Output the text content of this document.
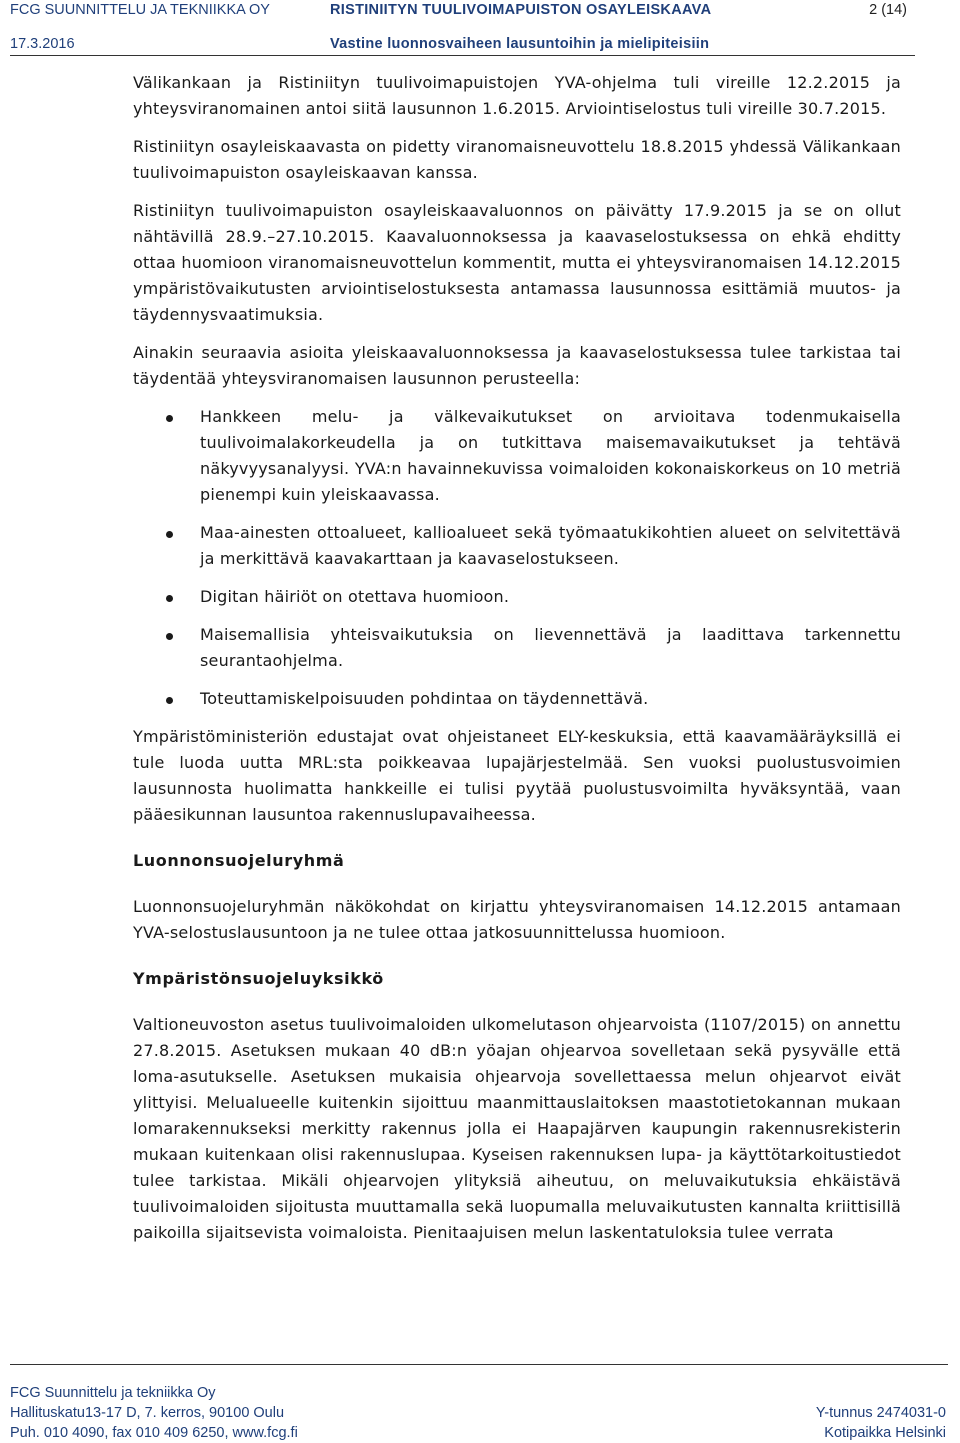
FCG SUUNNITTELU JA TEKNIIKKA OY	RISTINIITYN TUULIVOIMAPUISTON OSAYLEISKAAVA	2 (14)
17.3.2016	Vastine luonnosvaiheen lausuntoihin ja mielipiteisiin

Välikankaan ja Ristiniityn tuulivoimapuistojen YVA-ohjelma tuli vireille 12.2.2015 ja yhteysviranomainen antoi siitä lausunnon 1.6.2015. Arviointiselostus tuli vireille 30.7.2015.

Ristiniityn osayleiskaavasta on pidetty viranomaisneuvottelu 18.8.2015 yhdessä Välikankaan tuulivoimapuiston osayleiskaavan kanssa.

Ristiniityn tuulivoimapuiston osayleiskaavaluonnos on päivätty 17.9.2015 ja se on ollut nähtävillä 28.9.–27.10.2015. Kaavaluonnoksessa ja kaavaselostuksessa on ehkä ehditty ottaa huomioon viranomaisneuvottelun kommentit, mutta ei yhteysviranomaisen 14.12.2015 ympäristövaikutusten arviointiselostuksesta antamassa lausunnossa esittämiä muutos- ja täydennysvaatimuksia.

Ainakin seuraavia asioita yleiskaavaluonnoksessa ja kaavaselostuksessa tulee tarkistaa tai täydentää yhteysviranomaisen lausunnon perusteella:

Hankkeen melu- ja välkevaikutukset on arvioitava todenmukaisella tuulivoimalakorkeudella ja on tutkittava maisemavaikutukset ja tehtävä näkyvyysanalyysi. YVA:n havainnekuvissa voimaloiden kokonaiskorkeus on 10 metriä pienempi kuin yleiskaavassa.
Maa-ainesten ottoalueet, kallioalueet sekä työmaatukikohtien alueet on selvitettävä ja merkittävä kaavakarttaan ja kaavaselostukseen.
Digitan häiriöt on otettava huomioon.
Maisemallisia yhteisvaikutuksia on lievennettävä ja laadittava tarkennettu seurantaohjelma.
Toteuttamiskelpoisuuden pohdintaa on täydennettävä.

Ympäristöministeriön edustajat ovat ohjeistaneet ELY-keskuksia, että kaavamääräyksillä ei tule luoda uutta MRL:sta poikkeavaa lupajärjestelmää. Sen vuoksi puolustusvoimien lausunnosta huolimatta hankkeille ei tulisi pyytää puolustusvoimilta hyväksyntää, vaan pääesikunnan lausuntoa rakennuslupavaiheessa.

Luonnonsuojeluryhmä

Luonnonsuojeluryhmän näkökohdat on kirjattu yhteysviranomaisen 14.12.2015 antamaan YVA-selostuslausuntoon ja ne tulee ottaa jatkosuunnittelussa huomioon.

Ympäristönsuojeluyksikkö

Valtioneuvoston asetus tuulivoimaloiden ulkomelutason ohjearvoista (1107/2015) on annettu 27.8.2015. Asetuksen mukaan 40 dB:n yöajan ohjearvoa sovelletaan sekä pysyvälle että loma-asutukselle. Asetuksen mukaisia ohjearvoja sovellettaessa melun ohjearvot eivät ylittyisi. Melualueelle kuitenkin sijoittuu maanmittauslaitoksen maastotietokannan mukaan lomarakennukseksi merkitty rakennus jolla ei Haapajärven kaupungin rakennusrekisterin mukaan kuitenkaan olisi rakennuslupaa. Kyseisen rakennuksen lupa- ja käyttötarkoitustiedot tulee tarkistaa. Mikäli ohjearvojen ylityksiä aiheutuu, on meluvaikutuksia ehkäistävä tuulivoimaloiden sijoitusta muuttamalla sekä luopumalla meluvaikutusten kannalta kriittisillä paikoilla sijaitsevista voimaloista. Pienitaajuisen melun laskentatuloksia tulee verrata

FCG Suunnittelu ja tekniikka Oy
Hallituskatu13-17 D, 7. kerros, 90100 Oulu
Puh. 010 4090, fax 010 409 6250, www.fcg.fi
Y-tunnus 2474031-0
Kotipaikka Helsinki
